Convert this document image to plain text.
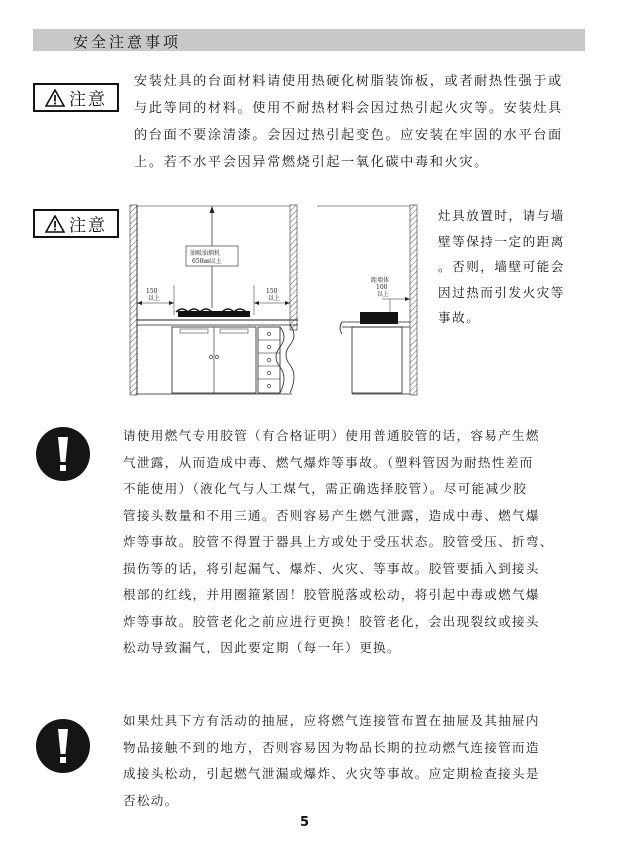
安全注意事项
注意

安装灶具的台面材料请使用热硬化树脂装饰板，或者耐热性强于或

与此等同的材料。使用不耐热材料会因过热引起火灾等。安装灶具

的台面不要涂清漆。会因过热引起变色。应安装在牢固的水平台面

上。若不水平会因异常燃烧引起一氧化碳中毒和火灾。

注意
油吸油烟机
650㎜以上
150
以上
150
以上
距墙体
100
以上

灶具放置时，请与墙

壁等保持一定的距离

。否则，墙壁可能会

因过热而引发火灾等

事故。

请使用燃气专用胶管（有合格证明）使用普通胶管的话，容易产生燃

气泄露，从而造成中毒、燃气爆炸等事故。（塑料管因为耐热性差而

不能使用）（液化气与人工煤气，需正确选择胶管）。尽可能减少胶

管接头数量和不用三通。否则容易产生燃气泄露，造成中毒、燃气爆

炸等事故。胶管不得置于器具上方或处于受压状态。胶管受压、折弯、

损伤等的话，将引起漏气、爆炸、火灾、等事故。胶管要插入到接头

根部的红线，并用圈箍紧固！胶管脱落或松动，将引起中毒或燃气爆

炸等事故。胶管老化之前应进行更换！胶管老化，会出现裂纹或接头

松动导致漏气，因此要定期（每一年）更换。

如果灶具下方有活动的抽屉，应将燃气连接管布置在抽屉及其抽屉内

物品接触不到的地方，否则容易因为物品长期的拉动燃气连接管而造

成接头松动，引起燃气泄漏或爆炸、火灾等事故。应定期检查接头是

否松动。

5
